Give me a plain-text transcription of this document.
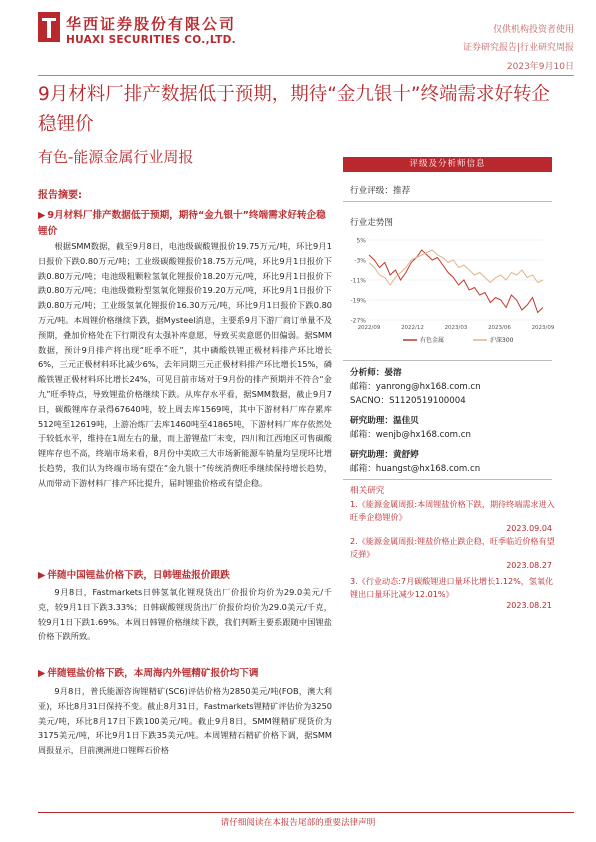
华西证券股份有限公司
HUAXI SECURITIES CO.,LTD.
仅供机构投资者使用
证券研究报告|行业研究周报
2023年9月10日
9月材料厂排产数据低于预期，期待“金九银十”终端需求好转企稳锂价
有色-能源金属行业周报
报告摘要:
▶ 9月材料厂排产数据低于预期，期待“金九银十”终端需求好转企稳锂价

根据SMM数据，截至9月8日，电池级碳酸锂报价19.75万元/吨，环比9月1日报价下跌0.80万元/吨；工业级碳酸锂报价18.75万元/吨，环比9月1日报价下跌0.80万元/吨；电池级粗颗粒氢氧化锂报价18.20万元/吨，环比9月1日报价下跌0.80万元/吨；电池级微粉型氢氧化锂报价19.20万元/吨，环比9月1日报价下跌0.80万元/吨；工业级氢氧化锂报价16.30万元/吨，环比9月1日报价下跌0.80万元/吨。本周锂价格继续下跌，据Mysteel消息，主要系9月下游厂商订单量不及预期，叠加价格处在下行期没有太强补库意愿，导致买卖意愿仍旧偏弱。据SMM数据，预计9月排产将出现“旺季不旺”，其中磷酸铁锂正极材料排产环比增长6%，三元正极材料环比减少6%，去年同期三元正极材料排产环比增长15%，磷酸铁锂正极材料环比增长24%，可见目前市场对于9月份的排产预期并不符合“金九”旺季特点，导致锂盐价格继续下跌。从库存水平看，据SMM数据，截止9月7日，碳酸锂库存录得67640吨，较上周去库1569吨，其中下游材料厂库存累库512吨至12619吨，上游冶炼厂去库1460吨至41865吨，下游材料厂库存依然处于较低水平，维持在1周左右的量，而上游锂盐厂未变，四川和江西地区可售碳酸锂库存也不高，终端市场来看，8月份中美欧三大市场新能源车销量均呈现环比增长趋势，我们认为终端市场有望在“金九银十”传统消费旺季继续保持增长趋势，从而带动下游材料厂排产环比提升，届时锂盐价格或有望企稳。

▶ 伴随中国锂盐价格下跌，日韩锂盐报价跟跌

9月8日，Fastmarkets日韩氢氧化锂现货出厂价报价均价为29.0美元/千克，较9月1日下跌3.33%；日韩碳酸锂现货出厂价报价均价为29.0美元/千克，较9月1日下跌1.69%。本周日韩锂价格继续下跌，我们判断主要系跟随中国锂盐价格下跌所致。

▶ 伴随锂盐价格下跌，本周海内外锂精矿报价均下调

9月8日，普氏能源咨询锂精矿(SC6)评估价格为2850美元/吨(FOB，澳大利亚)，环比8月31日保持不变。截止8月31日，Fastmarkets锂精矿评估价为3250美元/吨，环比8月17日下跌100美元/吨。截止9月8日，SMM锂精矿现货价为3175美元/吨，环比9月1日下跌35美元/吨。本周锂精石精矿价格下调，据SMM周报显示，目前澳洲进口锂辉石价格

评级及分析师信息
行业评级：推荐
行业走势图
5%
-3%
-11%
-19%
-27%
2022/09	2022/12	2023/03	2023/06	2023/09
有色金属	沪深300
分析师：晏溶
邮箱：yanrong@hx168.com.cn
SACNO：S1120519100004
研究助理：温佳贝
邮箱：wenjb@hx168.com.cn
研究助理：黄舒婷
邮箱：huangst@hx168.com.cn
相关研究
1.《能源金属周报:本周锂盐价格下跌，期待终端需求进入旺季企稳锂价》
2023.09.04
2.《能源金属周报:锂盐价格止跌企稳，旺季临近价格有望反弹》
2023.08.27
3.《行业动态:7月碳酸锂进口量环比增长1.12%，氢氧化锂出口量环比减少12.01%》
2023.08.21
请仔细阅读在本报告尾部的重要法律声明
